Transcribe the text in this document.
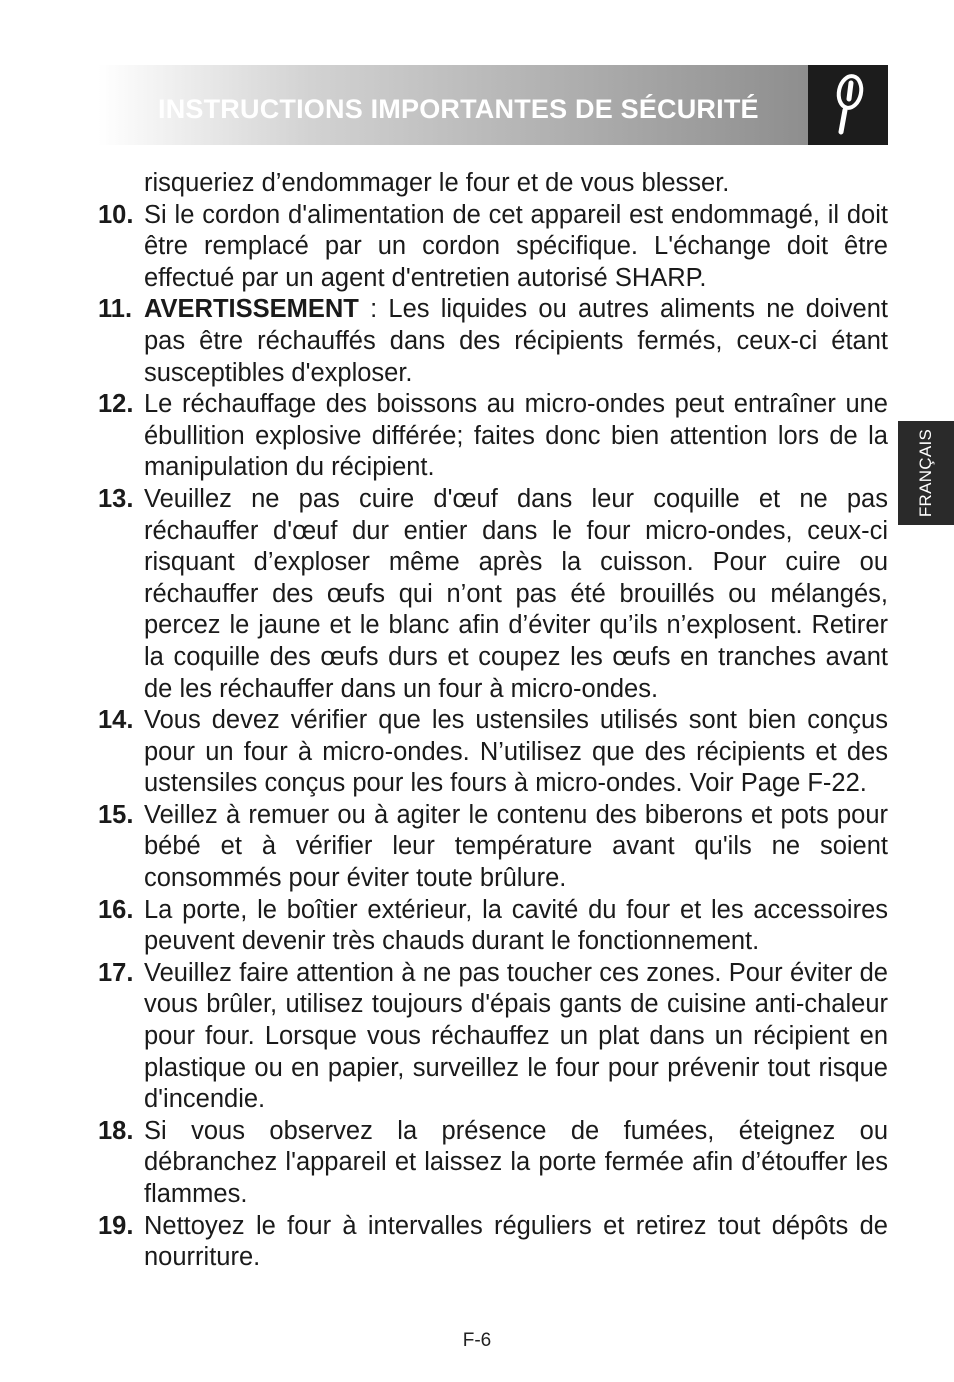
INSTRUCTIONS IMPORTANTES DE SÉCURITÉ
FRANÇAIS
risqueriez d’endommager le four et de vous blesser.
10. Si le cordon d'alimentation de cet appareil est endommagé, il doit être remplacé par un cordon spécifique. L'échange doit être effectué par un agent d'entretien autorisé SHARP.
11. AVERTISSEMENT : Les liquides ou autres aliments ne doivent pas être réchauffés dans des récipients fermés, ceux-ci étant susceptibles d'exploser.
12. Le réchauffage des boissons au micro-ondes peut entraîner une ébullition explosive différée; faites donc bien attention lors de la manipulation du récipient.
13. Veuillez ne pas cuire d'œuf dans leur coquille et ne pas réchauffer d'œuf dur entier dans le four micro-ondes, ceux-ci risquant d’exploser même après la cuisson. Pour cuire ou réchauffer des œufs qui n’ont pas été brouillés ou mélangés, percez le jaune et le blanc afin d’éviter qu’ils n’explosent. Retirer la coquille des œufs durs et coupez les œufs en tranches avant de les réchauffer dans un four à micro-ondes.
14. Vous devez vérifier que les ustensiles utilisés sont bien conçus pour un four à micro-ondes. N’utilisez que des récipients et des ustensiles conçus pour les fours à micro-ondes. Voir Page F-22.
15. Veillez à remuer ou à agiter le contenu des biberons et pots pour bébé et à vérifier leur température avant qu'ils ne soient consommés pour éviter toute brûlure.
16. La porte, le boîtier extérieur, la cavité du four et les accessoires peuvent devenir très chauds durant le fonctionnement.
17. Veuillez faire attention à ne pas toucher ces zones. Pour éviter de vous brûler, utilisez toujours d'épais gants de cuisine anti-chaleur pour four. Lorsque vous réchauffez un plat dans un récipient en plastique ou en papier, surveillez le four pour prévenir tout risque d'incendie.
18. Si vous observez la présence de fumées, éteignez ou débranchez l'appareil et laissez la porte fermée afin d’étouffer les flammes.
19. Nettoyez le four à intervalles réguliers et retirez tout dépôts de nourriture.
F-6
